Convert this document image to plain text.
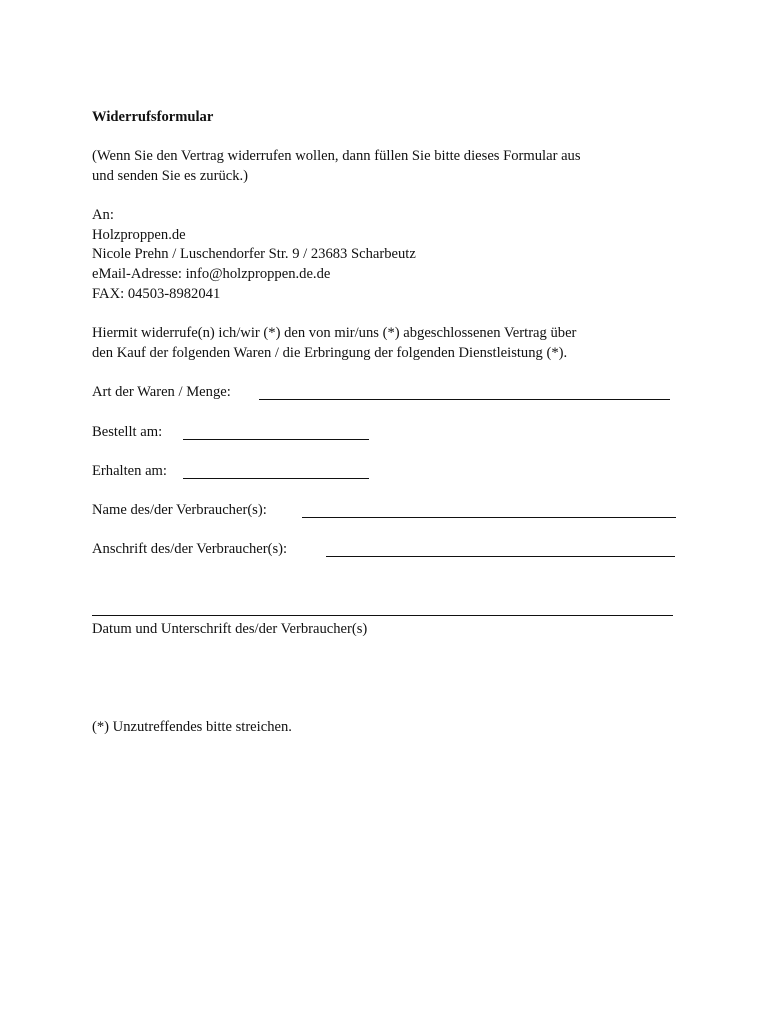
Widerrufsformular
(Wenn Sie den Vertrag widerrufen wollen, dann füllen Sie bitte dieses Formular aus
und senden Sie es zurück.)
An:
Holzproppen.de
Nicole Prehn / Luschendorfer Str. 9 / 23683 Scharbeutz
eMail-Adresse: info@holzproppen.de.de
FAX: 04503-8982041
Hiermit widerrufe(n) ich/wir (*) den von mir/uns (*) abgeschlossenen Vertrag über
den Kauf der folgenden Waren / die Erbringung der folgenden Dienstleistung (*).
Art der Waren / Menge:
Bestellt am:
Erhalten am:
Name des/der Verbraucher(s):
Anschrift des/der Verbraucher(s):
Datum und Unterschrift des/der Verbraucher(s)
(*) Unzutreffendes bitte streichen.
